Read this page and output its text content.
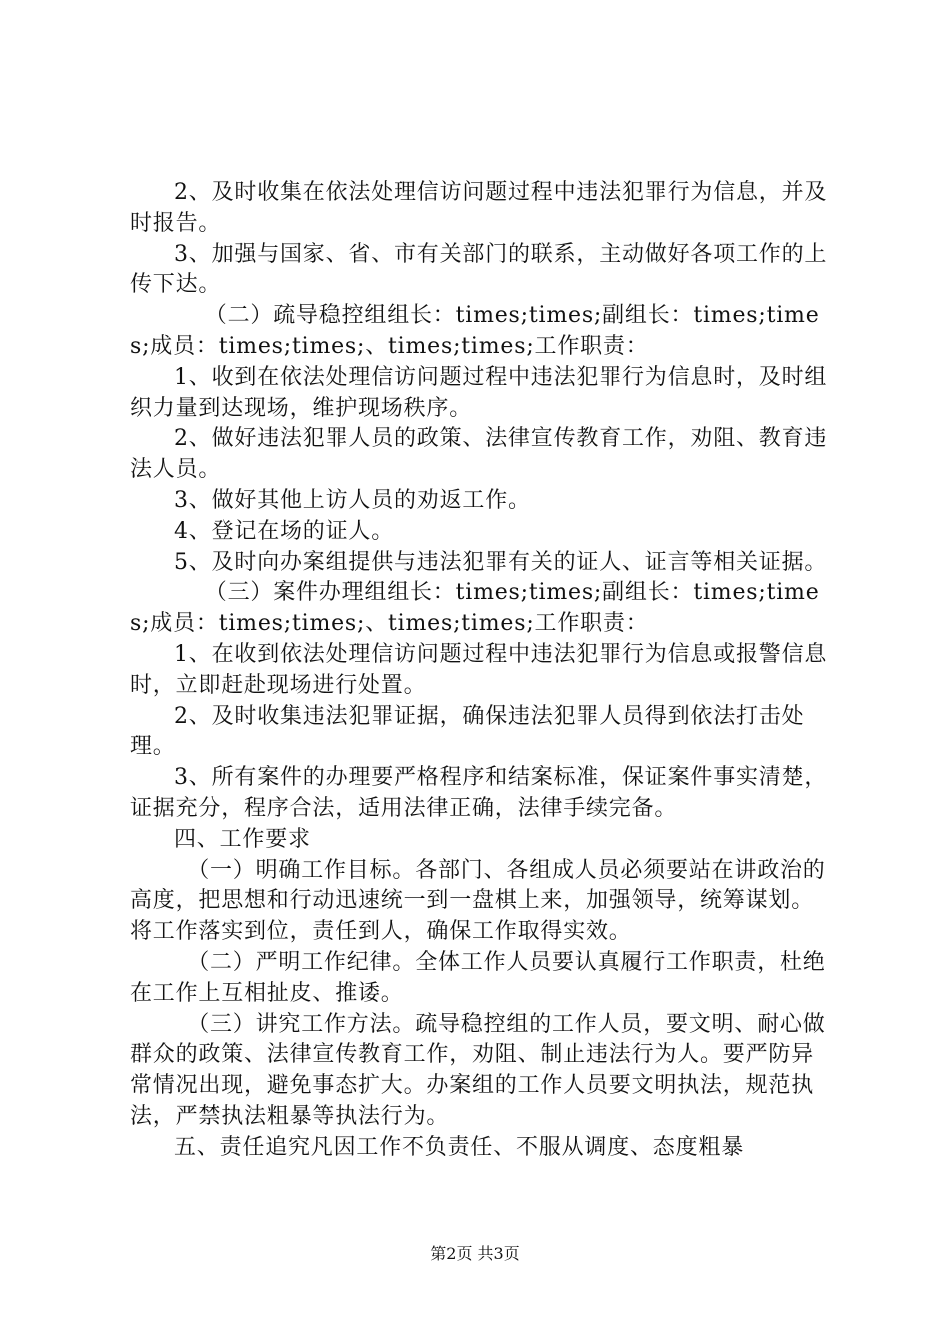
2、及时收集在依法处理信访问题过程中违法犯罪行为信息，并及时报告。

3、加强与国家、省、市有关部门的联系，主动做好各项工作的上传下达。

（二）疏导稳控组组长：times;times;副组长：times;times;成员：times;times;、times;times;工作职责：

1、收到在依法处理信访问题过程中违法犯罪行为信息时，及时组织力量到达现场，维护现场秩序。

2、做好违法犯罪人员的政策、法律宣传教育工作，劝阻、教育违法人员。

3、做好其他上访人员的劝返工作。

4、登记在场的证人。

5、及时向办案组提供与违法犯罪有关的证人、证言等相关证据。

（三）案件办理组组长：times;times;副组长：times;times;成员：times;times;、times;times;工作职责：

1、在收到依法处理信访问题过程中违法犯罪行为信息或报警信息时，立即赶赴现场进行处置。

2、及时收集违法犯罪证据，确保违法犯罪人员得到依法打击处理。

3、所有案件的办理要严格程序和结案标准，保证案件事实清楚，证据充分，程序合法，适用法律正确，法律手续完备。

四、工作要求

（一）明确工作目标。各部门、各组成人员必须要站在讲政治的高度，把思想和行动迅速统一到一盘棋上来，加强领导，统筹谋划。将工作落实到位，责任到人，确保工作取得实效。

（二）严明工作纪律。全体工作人员要认真履行工作职责，杜绝在工作上互相扯皮、推诿。

（三）讲究工作方法。疏导稳控组的工作人员，要文明、耐心做群众的政策、法律宣传教育工作，劝阻、制止违法行为人。要严防异常情况出现，避免事态扩大。办案组的工作人员要文明执法，规范执法，严禁执法粗暴等执法行为。

五、责任追究凡因工作不负责任、不服从调度、态度粗暴

第2页 共3页
